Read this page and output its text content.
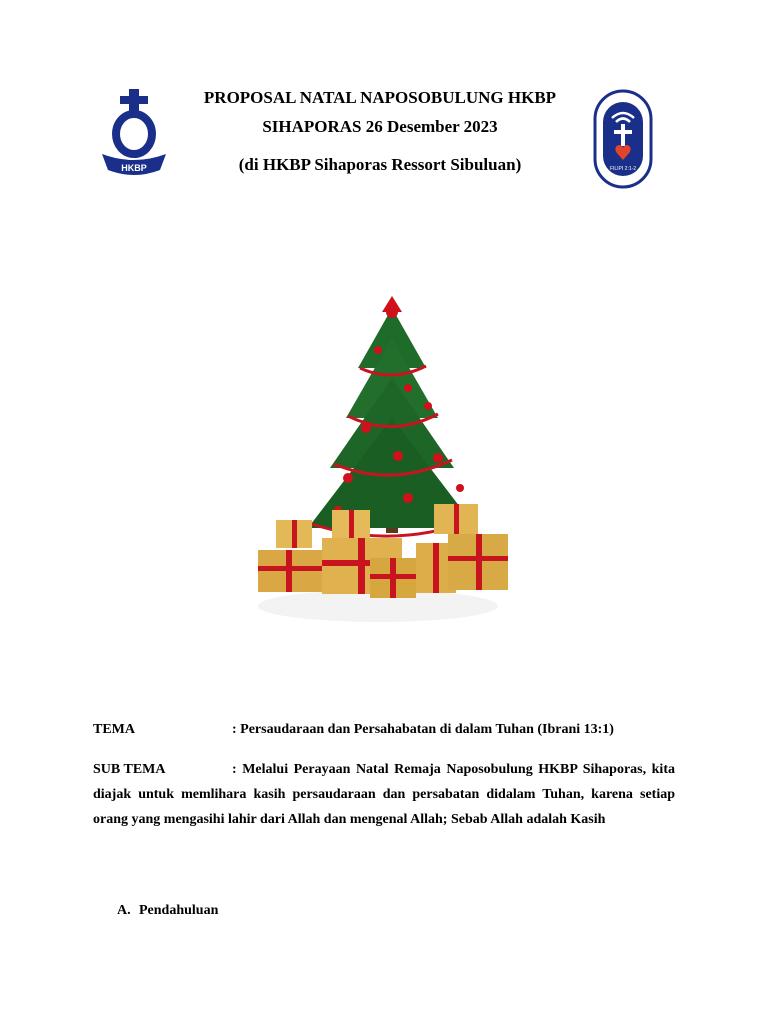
HKBP
PROPOSAL NATAL NAPOSOBULUNG HKBP
SIHAPORAS 26 Desember 2023
(di HKBP Sihaporas Ressort Sibuluan)	FILIPI 2:1-2
TEMA	: Persaudaraan dan Persahabatan di dalam Tuhan (Ibrani 13:1)
SUB TEMA	: Melalui Perayaan Natal Remaja Naposobulung HKBP Sihaporas, kita diajak untuk memlihara kasih persaudaraan dan persabatan didalam Tuhan, karena setiap orang yang mengasihi lahir dari Allah dan mengenal Allah; Sebab Allah adalah Kasih
A. Pendahuluan
